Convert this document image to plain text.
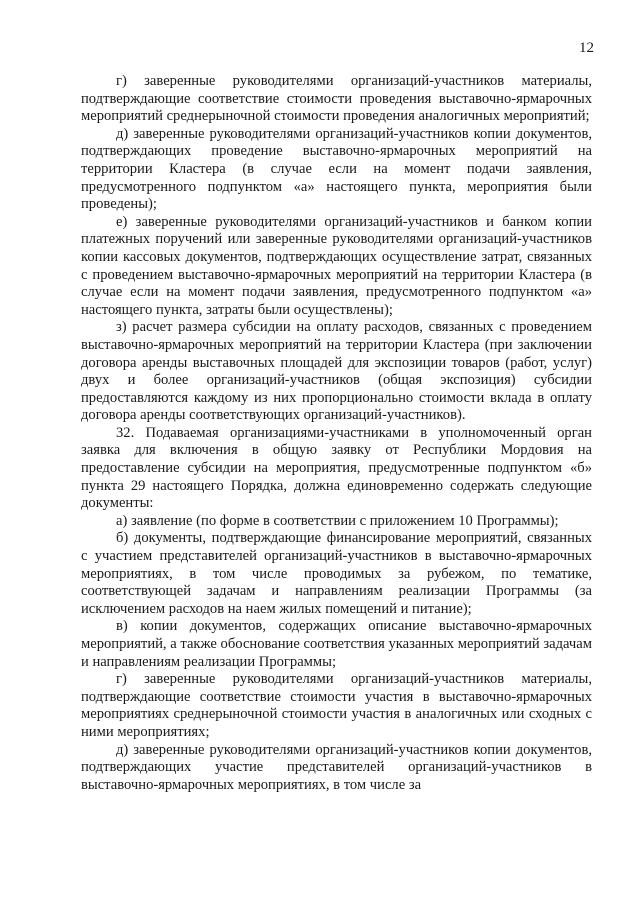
12

г) заверенные руководителями организаций-участников материалы, подтверждающие соответствие стоимости проведения выставочно-ярмарочных мероприятий среднерыночной стоимости проведения аналогичных мероприятий;

д) заверенные руководителями организаций-участников копии документов, подтверждающих проведение выставочно-ярмарочных мероприятий на территории Кластера (в случае если на момент подачи заявления, предусмотренного подпунктом «а» настоящего пункта, мероприятия были проведены);

е) заверенные руководителями организаций-участников и банком копии платежных поручений или заверенные руководителями организаций-участников копии кассовых документов, подтверждающих осуществление затрат, связанных с проведением выставочно-ярмарочных мероприятий на территории Кластера (в случае если на момент подачи заявления, предусмотренного подпунктом «а» настоящего пункта, затраты были осуществлены);

з) расчет размера субсидии на оплату расходов, связанных с проведением выставочно-ярмарочных мероприятий на территории Кластера (при заключении договора аренды выставочных площадей для экспозиции товаров (работ, услуг) двух и более организаций-участников (общая экспозиция) субсидии предоставляются каждому из них пропорционально стоимости вклада в оплату договора аренды соответствующих организаций-участников).

32. Подаваемая организациями-участниками в уполномоченный орган заявка для включения в общую заявку от Республики Мордовия на предоставление субсидии на мероприятия, предусмотренные подпунктом «б» пункта 29 настоящего Порядка, должна единовременно содержать следующие документы:

а) заявление (по форме в соответствии с приложением 10 Программы);

б) документы, подтверждающие финансирование мероприятий, связанных с участием представителей организаций-участников в выставочно-ярмарочных мероприятиях, в том числе проводимых за рубежом, по тематике, соответствующей задачам и направлениям реализации Программы (за исключением расходов на наем жилых помещений и питание);

в) копии документов, содержащих описание выставочно-ярмарочных мероприятий, а также обоснование соответствия указанных мероприятий задачам и направлениям реализации Программы;

г) заверенные руководителями организаций-участников материалы, подтверждающие соответствие стоимости участия в выставочно-ярмарочных мероприятиях среднерыночной стоимости участия в аналогичных или сходных с ними мероприятиях;

д) заверенные руководителями организаций-участников копии документов, подтверждающих участие представителей организаций-участников в выставочно-ярмарочных мероприятиях, в том числе за
